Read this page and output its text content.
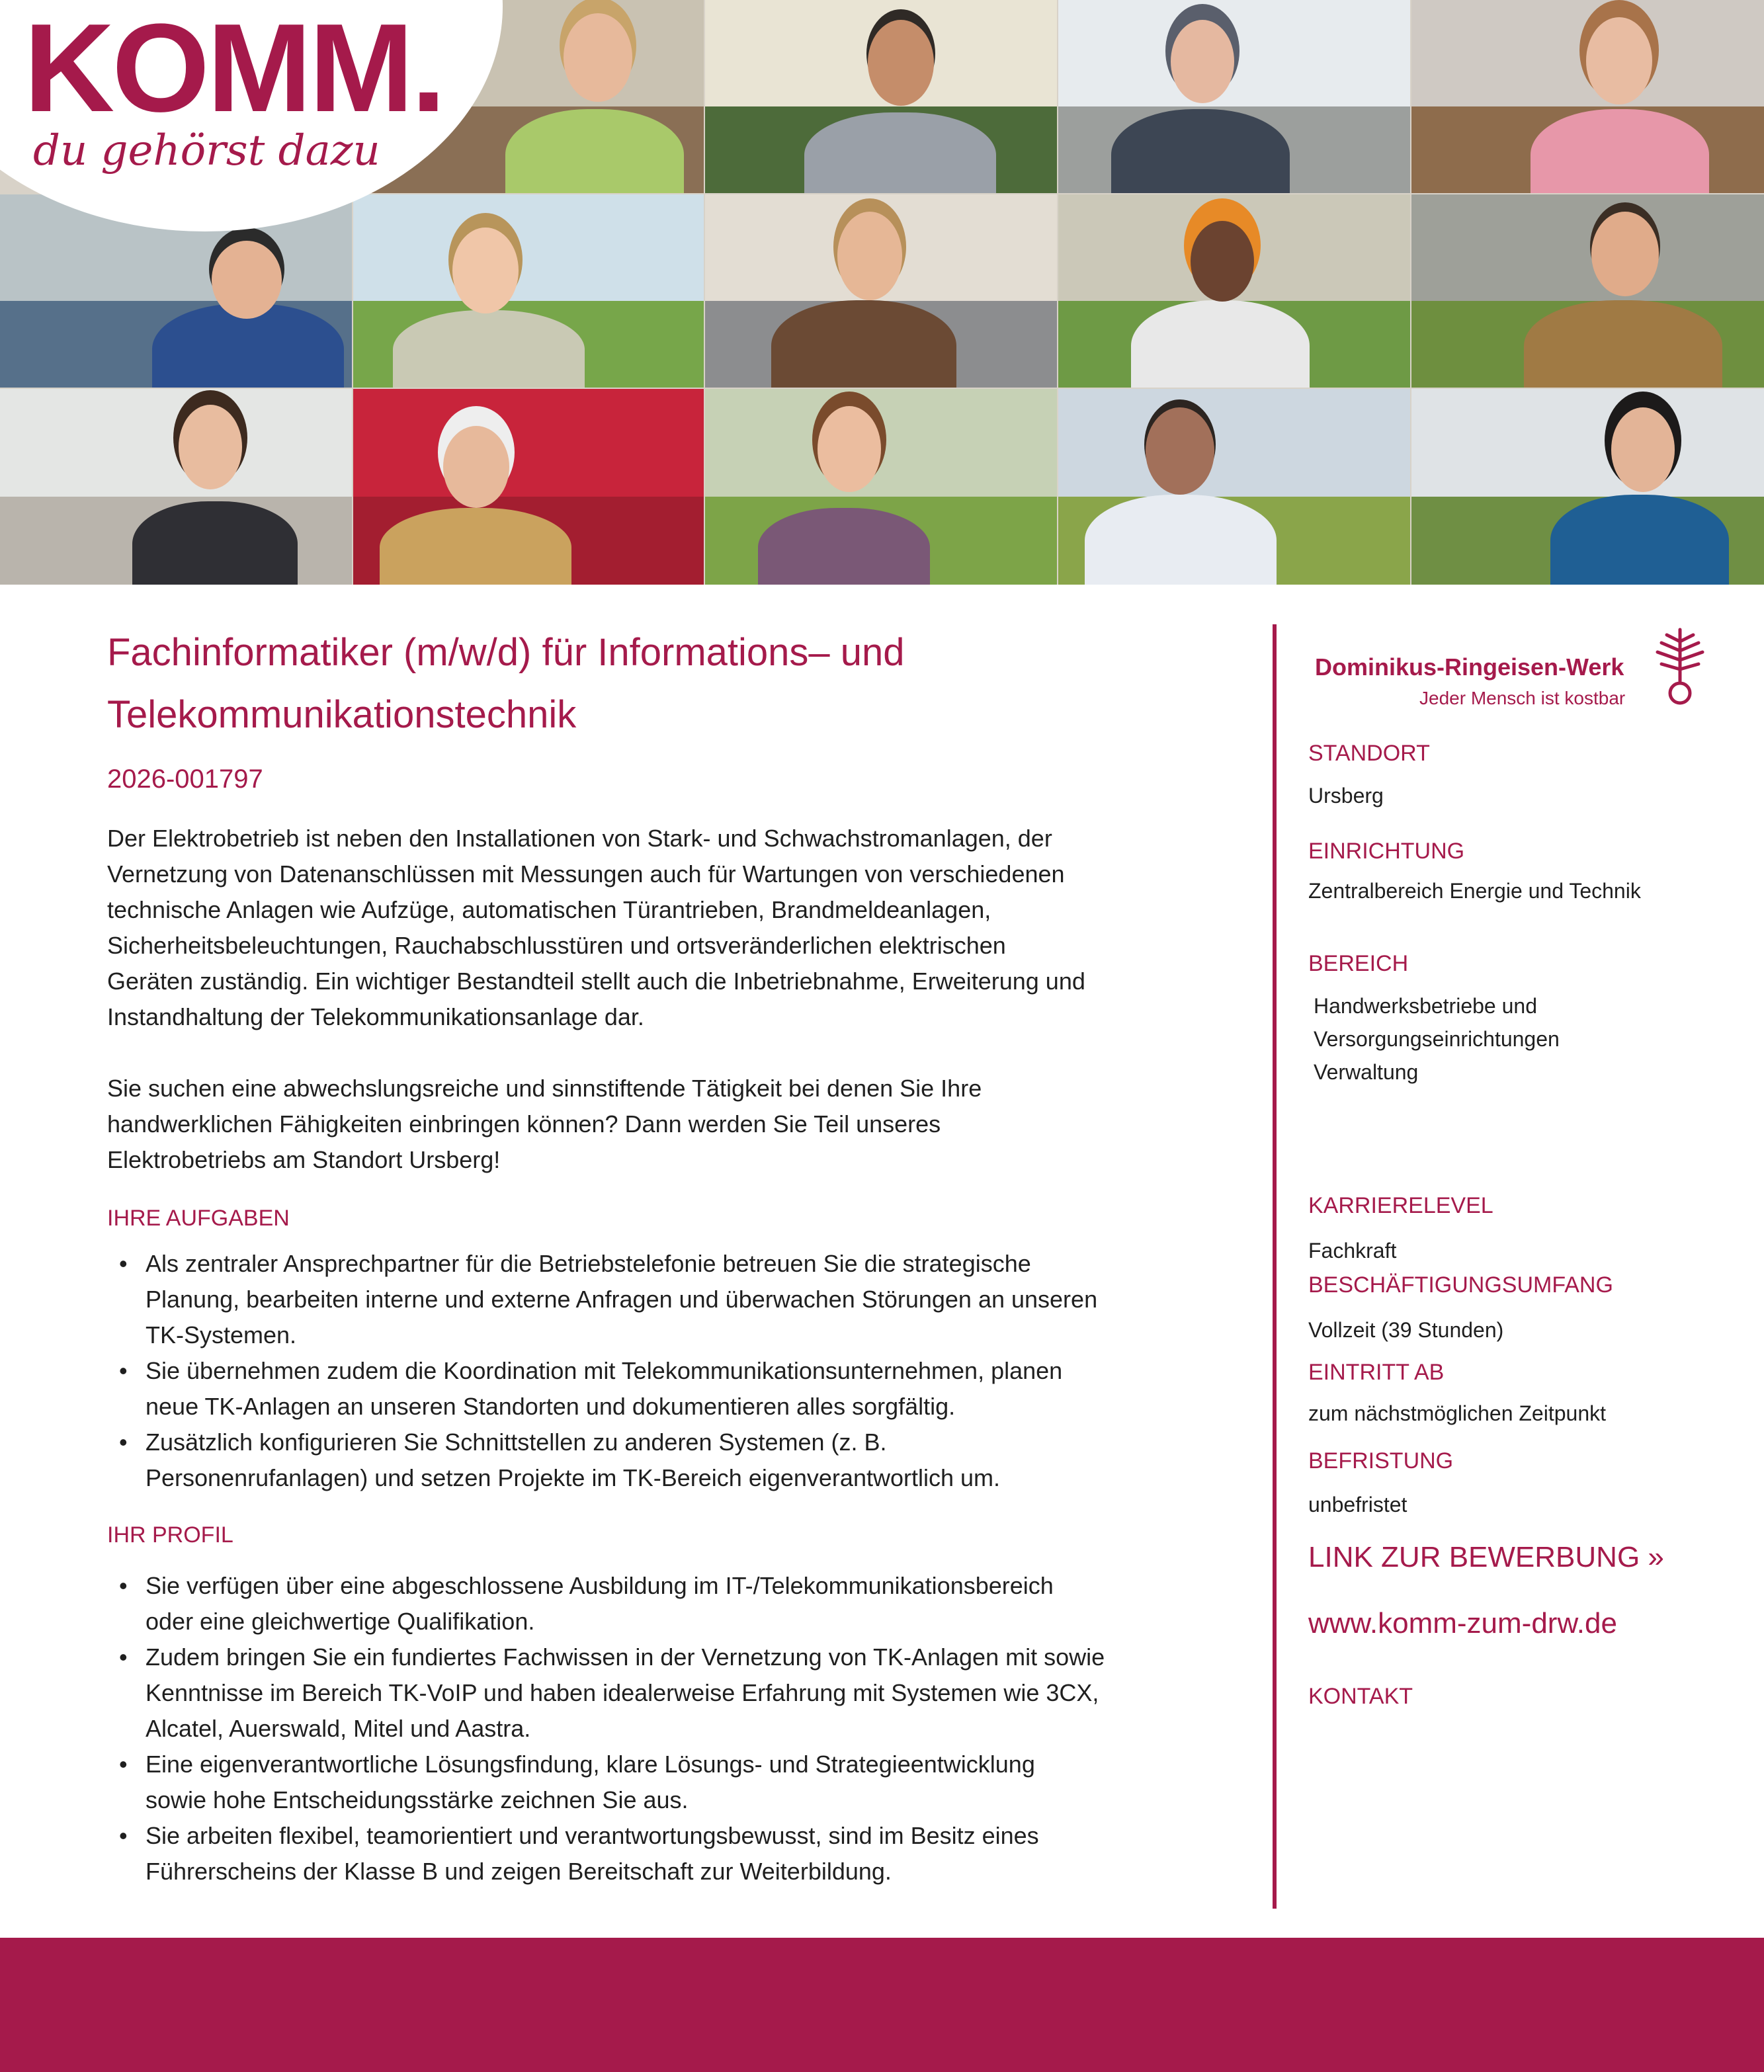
KOMM.
du gehörst dazu
Fachinformatiker (m/w/d) für Informations– und
Telekommunikationstechnik
2026-001797
Der Elektrobetrieb ist neben den Installationen von Stark- und Schwachstromanlagen, der
Vernetzung von Datenanschlüssen mit Messungen auch für Wartungen von verschiedenen
technische Anlagen wie Aufzüge, automatischen Türantrieben, Brandmeldeanlagen,
Sicherheitsbeleuchtungen, Rauchabschlusstüren und ortsveränderlichen elektrischen
Geräten zuständig. Ein wichtiger Bestandteil stellt auch die Inbetriebnahme, Erweiterung und
Instandhaltung der Telekommunikationsanlage dar.
Sie suchen eine abwechslungsreiche und sinnstiftende Tätigkeit bei denen Sie Ihre
handwerklichen Fähigkeiten einbringen können? Dann werden Sie Teil unseres
Elektrobetriebs am Standort Ursberg!
IHRE AUFGABEN
• Als zentraler Ansprechpartner für die Betriebstelefonie betreuen Sie die strategische
Planung, bearbeiten interne und externe Anfragen und überwachen Störungen an unseren
TK-Systemen.
• Sie übernehmen zudem die Koordination mit Telekommunikationsunternehmen, planen
neue TK-Anlagen an unseren Standorten und dokumentieren alles sorgfältig.
• Zusätzlich konfigurieren Sie Schnittstellen zu anderen Systemen (z. B.
Personenrufanlagen) und setzen Projekte im TK-Bereich eigenverantwortlich um.
IHR PROFIL
• Sie verfügen über eine abgeschlossene Ausbildung im IT-/Telekommunikationsbereich
oder eine gleichwertige Qualifikation.
• Zudem bringen Sie ein fundiertes Fachwissen in der Vernetzung von TK-Anlagen mit sowie
Kenntnisse im Bereich TK-VoIP und haben idealerweise Erfahrung mit Systemen wie 3CX,
Alcatel, Auerswald, Mitel und Aastra.
• Eine eigenverantwortliche Lösungsfindung, klare Lösungs- und Strategieentwicklung
sowie hohe Entscheidungsstärke zeichnen Sie aus.
• Sie arbeiten flexibel, teamorientiert und verantwortungsbewusst, sind im Besitz eines
Führerscheins der Klasse B und zeigen Bereitschaft zur Weiterbildung.
Dominikus-Ringeisen-Werk
Jeder Mensch ist kostbar
STANDORT
Ursberg
EINRICHTUNG
Zentralbereich Energie und Technik
BEREICH
Handwerksbetriebe und
Versorgungseinrichtungen
Verwaltung
KARRIERELEVEL
Fachkraft
BESCHÄFTIGUNGSUMFANG
Vollzeit (39 Stunden)
EINTRITT AB
zum nächstmöglichen Zeitpunkt
BEFRISTUNG
unbefristet
LINK ZUR BEWERBUNG »
www.komm-zum-drw.de
KONTAKT
